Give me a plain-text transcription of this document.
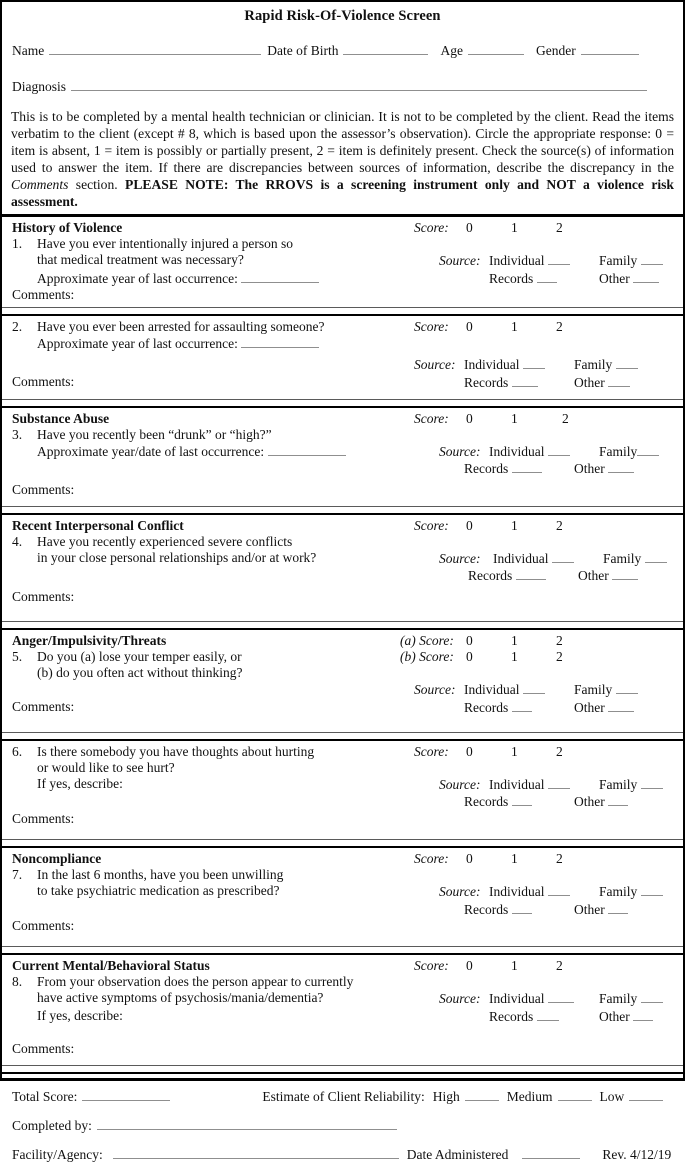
Rapid Risk-Of-Violence Screen
Name	Date of Birth	Age	Gender
Diagnosis
This is to be completed by a mental health technician or clinician. It is not to be completed by the client. Read the items verbatim to the client (except # 8, which is based upon the assessor’s observation). Circle the appropriate response: 0 = item is absent, 1 = item is possibly or partially present, 2 = item is definitely present. Check the source(s) of information used to answer the item. If there are discrepancies between sources of information, describe the discrepancy in the Comments section. PLEASE NOTE: The RROVS is a screening instrument only and NOT a violence risk assessment.
History of Violence	Score: 0	1	2
1. Have you ever intentionally injured a person so
that medical treatment was necessary?	Source: Individual	Family
Approximate year of last occurrence:	Records	Other
Comments:
2. Have you ever been arrested for assaulting someone?	Score: 0	1	2
Approximate year of last occurrence:
Source: Individual	Family
Comments:	Records	Other
Substance Abuse	Score: 0	1	2
3. Have you recently been “drunk” or “high?”
Approximate year/date of last occurrence:	Source: Individual	Family
Records	Other
Comments:
Recent Interpersonal Conflict	Score: 0	1	2
4. Have you recently experienced severe conflicts
in your close personal relationships and/or at work?	Source: Individual	Family
Records	Other
Comments:
Anger/Impulsivity/Threats	(a) Score: 0	1	2
5. Do you (a) lose your temper easily, or	(b) Score: 0	1	2
(b) do you often act without thinking?
Source: Individual	Family
Comments:	Records	Other
6. Is there somebody you have thoughts about hurting	Score: 0	1	2
or would like to see hurt?
If yes, describe:	Source: Individual	Family
Records	Other
Comments:
Noncompliance	Score: 0	1	2
7. In the last 6 months, have you been unwilling
to take psychiatric medication as prescribed?	Source: Individual	Family
Records	Other
Comments:
Current Mental/Behavioral Status	Score: 0	1	2
8. From your observation does the person appear to currently
have active symptoms of psychosis/mania/dementia?	Source: Individual	Family
If yes, describe:	Records	Other
Comments:
Total Score:	Estimate of Client Reliability: High	Medium	Low
Completed by:
Facility/Agency:	Date Administered	Rev. 4/12/19
